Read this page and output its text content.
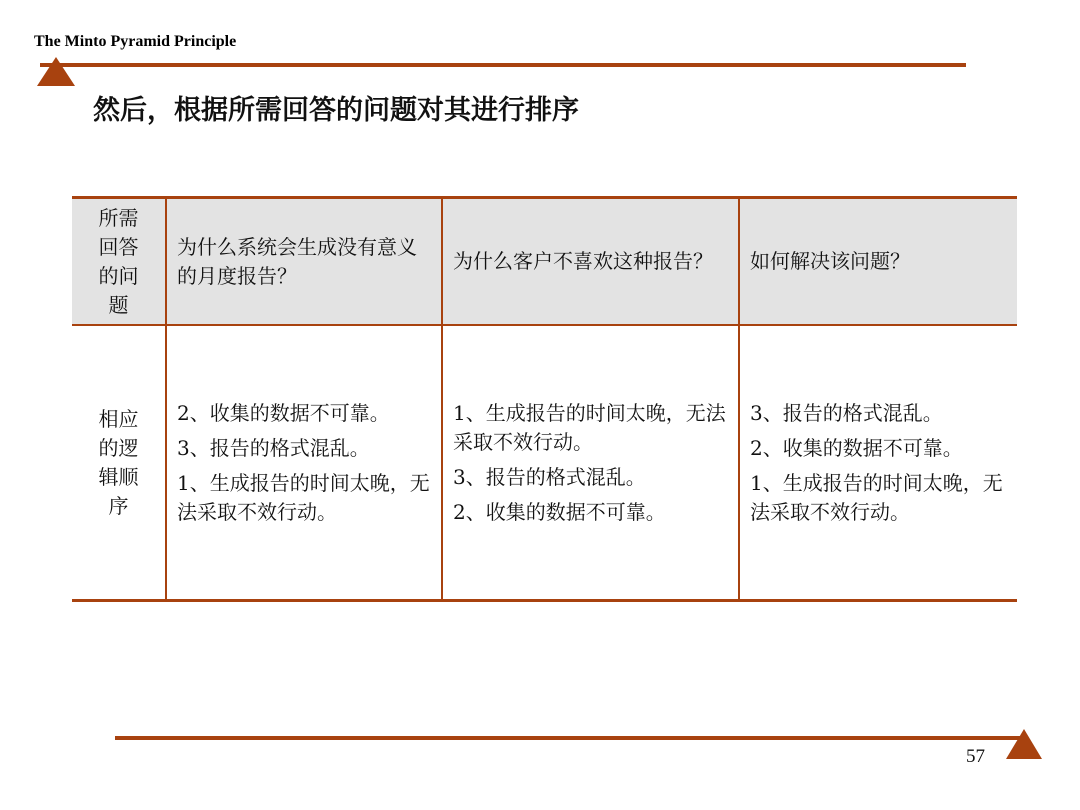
The Minto Pyramid Principle
然后，根据所需回答的问题对其进行排序
所需回答的问题
为什么系统会生成没有意义的月度报告？
为什么客户不喜欢这种报告？ 如何解决该问题？
相应的逻辑顺序
2、收集的数据不可靠。
3、报告的格式混乱。
1、生成报告的时间太晚，无法采取不效行动。
1、生成报告的时间太晚，无法采取不效行动。
3、报告的格式混乱。
2、收集的数据不可靠。
3、报告的格式混乱。
2、收集的数据不可靠。
1、生成报告的时间太晚，无法采取不效行动。
57
